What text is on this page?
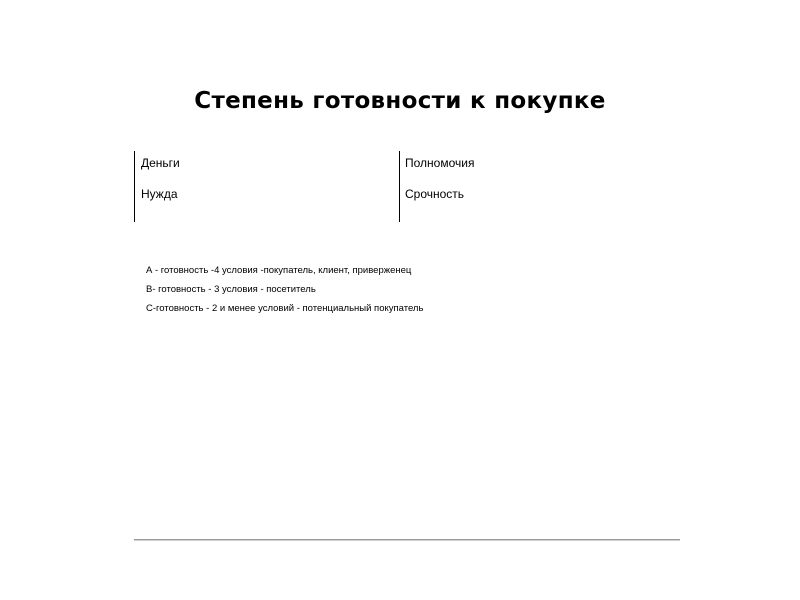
Степень готовности к покупке
Деньги	Полномочия
Нужда	Срочность
А - готовность -4 условия -покупатель, клиент, приверженец
В- готовность - 3 условия - посетитель
С-готовность - 2 и менее условий - потенциальный покупатель
